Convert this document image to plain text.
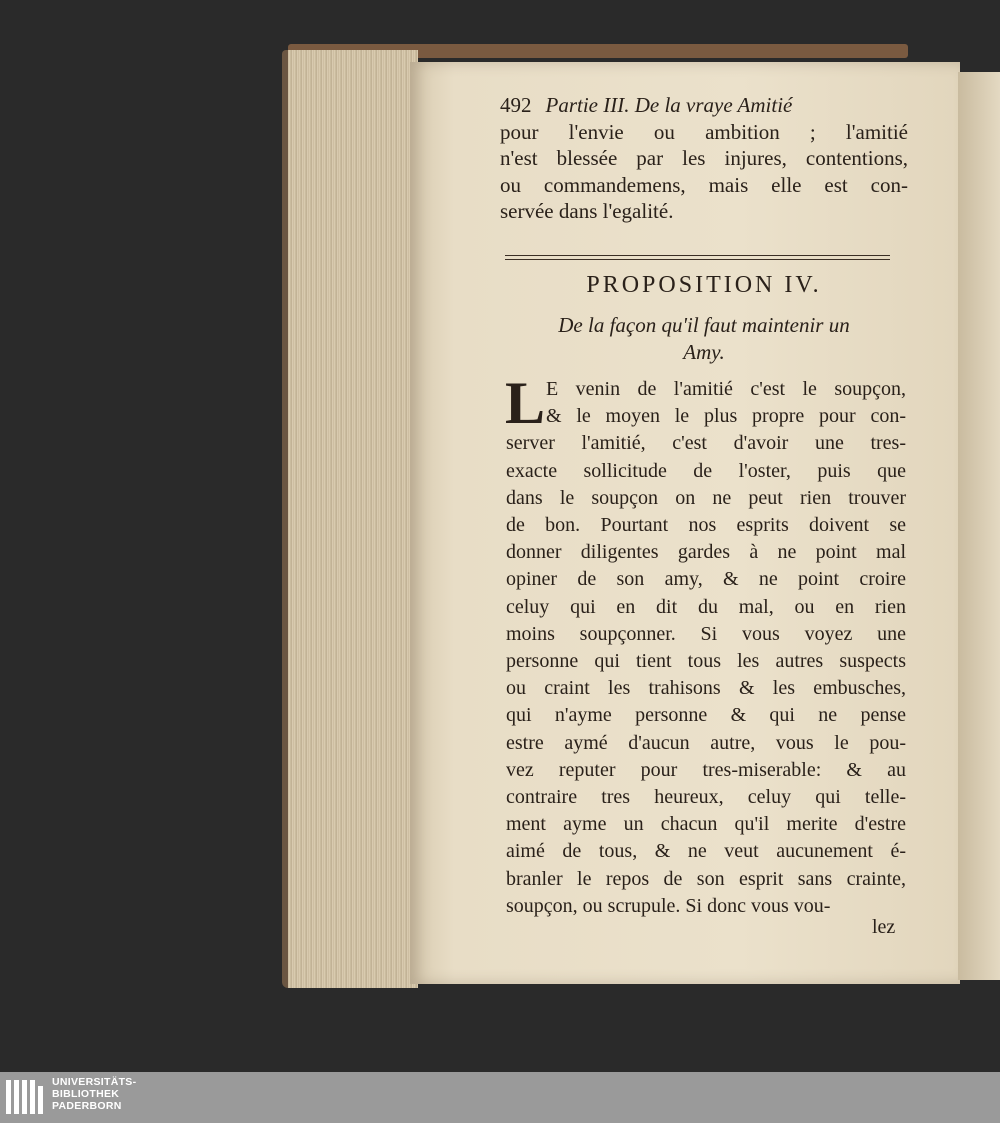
492 Partie III. De la vraye Amitié
pour l'envie ou ambition ; l'amitié
n'est blessée par les injures, contentions,
ou commandemens, mais elle est con-
servée dans l'egalité.
PROPOSITION IV.
De la façon qu'il faut maintenir un
Amy.
L E venin de l'amitié c'est le soupçon,
& le moyen le plus propre pour con-
server l'amitié, c'est d'avoir une tres-
exacte sollicitude de l'oster, puis que
dans le soupçon on ne peut rien trouver
de bon. Pourtant nos esprits doivent se
donner diligentes gardes à ne point mal
opiner de son amy, & ne point croire
celuy qui en dit du mal, ou en rien
moins soupçonner. Si vous voyez une
personne qui tient tous les autres suspects
ou craint les trahisons & les embusches,
qui n'ayme personne & qui ne pense
estre aymé d'aucun autre, vous le pou-
vez reputer pour tres-miserable: & au
contraire tres heureux, celuy qui telle-
ment ayme un chacun qu'il merite d'estre
aimé de tous, & ne veut aucunement é-
branler le repos de son esprit sans crainte,
soupçon, ou scrupule. Si donc vous vou-
lez
UNIVERSITÄTS-
BIBLIOTHEK
PADERBORN
